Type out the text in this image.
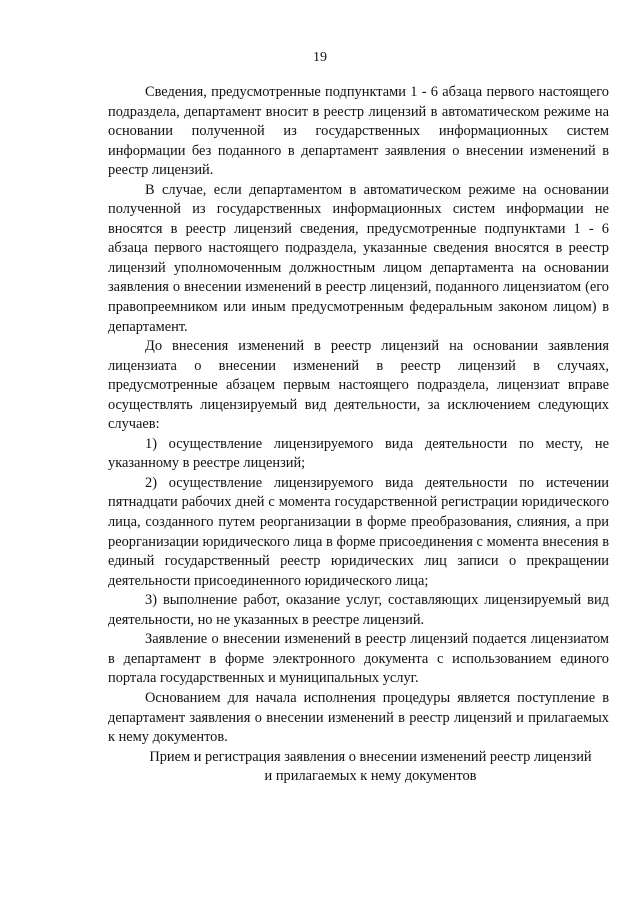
19

Сведения, предусмотренные подпунктами 1 - 6 абзаца первого настоящего подраздела, департамент вносит в реестр лицензий в автоматическом режиме на основании полученной из государственных информационных систем информации без поданного в департамент заявления о внесении изменений в реестр лицензий.

В случае, если департаментом в автоматическом режиме на основании полученной из государственных информационных систем информации не вносятся в реестр лицензий сведения, предусмотренные подпунктами 1 - 6 абзаца первого настоящего подраздела, указанные сведения вносятся в реестр лицензий уполномоченным должностным лицом департамента на основании заявления о внесении изменений в реестр лицензий, поданного лицензиатом (его правопреемником или иным предусмотренным федеральным законом лицом) в департамент.

До внесения изменений в реестр лицензий на основании заявления лицензиата о внесении изменений в реестр лицензий в случаях, предусмотренные абзацем первым настоящего подраздела, лицензиат вправе осуществлять лицензируемый вид деятельности, за исключением следующих случаев:

1) осуществление лицензируемого вида деятельности по месту, не указанному в реестре лицензий;

2) осуществление лицензируемого вида деятельности по истечении пятнадцати рабочих дней с момента государственной регистрации юридического лица, созданного путем реорганизации в форме преобразования, слияния, а при реорганизации юридического лица в форме присоединения с момента внесения в единый государственный реестр юридических лиц записи о прекращении деятельности присоединенного юридического лица;

3) выполнение работ, оказание услуг, составляющих лицензируемый вид деятельности, но не указанных в реестре лицензий.

Заявление о внесении изменений в реестр лицензий подается лицензиатом в департамент в форме электронного документа с использованием единого портала государственных и муниципальных услуг.

Основанием для начала исполнения процедуры является поступление в департамент заявления о внесении изменений в реестр лицензий и прилагаемых к нему документов.

Прием и регистрация заявления о внесении изменений реестр лицензий
и прилагаемых к нему документов
